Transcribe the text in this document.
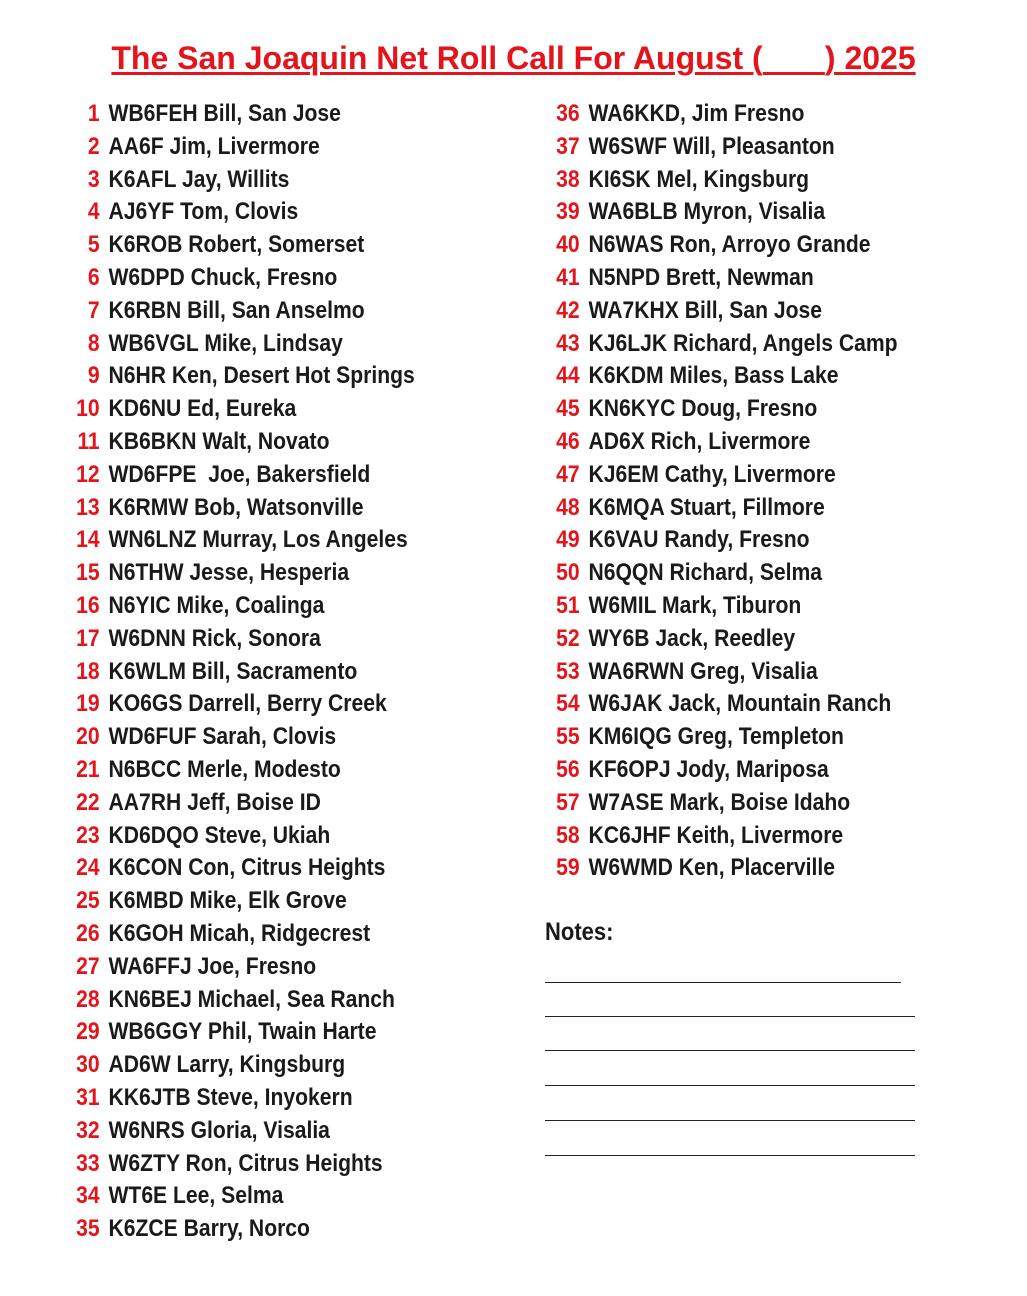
The San Joaquin Net Roll Call For August ( ) 2025
1 WB6FEH Bill, San Jose
2 AA6F Jim, Livermore
3 K6AFL Jay, Willits
4 AJ6YF Tom, Clovis
5 K6ROB Robert, Somerset
6 W6DPD Chuck, Fresno
7 K6RBN Bill, San Anselmo
8 WB6VGL Mike, Lindsay
9 N6HR Ken, Desert Hot Springs
10 KD6NU Ed, Eureka
11 KB6BKN Walt, Novato
12 WD6FPE  Joe, Bakersfield
13 K6RMW Bob, Watsonville
14 WN6LNZ Murray, Los Angeles
15 N6THW Jesse, Hesperia
16 N6YIC Mike, Coalinga
17 W6DNN Rick, Sonora
18 K6WLM Bill, Sacramento
19 KO6GS Darrell, Berry Creek
20 WD6FUF Sarah, Clovis
21 N6BCC Merle, Modesto
22 AA7RH Jeff, Boise ID
23 KD6DQO Steve, Ukiah
24 K6CON Con, Citrus Heights
25 K6MBD Mike, Elk Grove
26 K6GOH Micah, Ridgecrest
27 WA6FFJ Joe, Fresno
28 KN6BEJ Michael, Sea Ranch
29 WB6GGY Phil, Twain Harte
30 AD6W Larry, Kingsburg
31 KK6JTB Steve, Inyokern
32 W6NRS Gloria, Visalia
33 W6ZTY Ron, Citrus Heights
34 WT6E Lee, Selma
35 K6ZCE Barry, Norco
36 WA6KKD, Jim Fresno
37 W6SWF Will, Pleasanton
38 KI6SK Mel, Kingsburg
39 WA6BLB Myron, Visalia
40 N6WAS Ron, Arroyo Grande
41 N5NPD Brett, Newman
42 WA7KHX Bill, San Jose
43 KJ6LJK Richard, Angels Camp
44 K6KDM Miles, Bass Lake
45 KN6KYC Doug, Fresno
46 AD6X Rich, Livermore
47 KJ6EM Cathy, Livermore
48 K6MQA Stuart, Fillmore
49 K6VAU Randy, Fresno
50 N6QQN Richard, Selma
51 W6MIL Mark, Tiburon
52 WY6B Jack, Reedley
53 WA6RWN Greg, Visalia
54 W6JAK Jack, Mountain Ranch
55 KM6IQG Greg, Templeton
56 KF6OPJ Jody, Mariposa
57 W7ASE Mark, Boise Idaho
58 KC6JHF Keith, Livermore
59 W6WMD Ken, Placerville
Notes:
